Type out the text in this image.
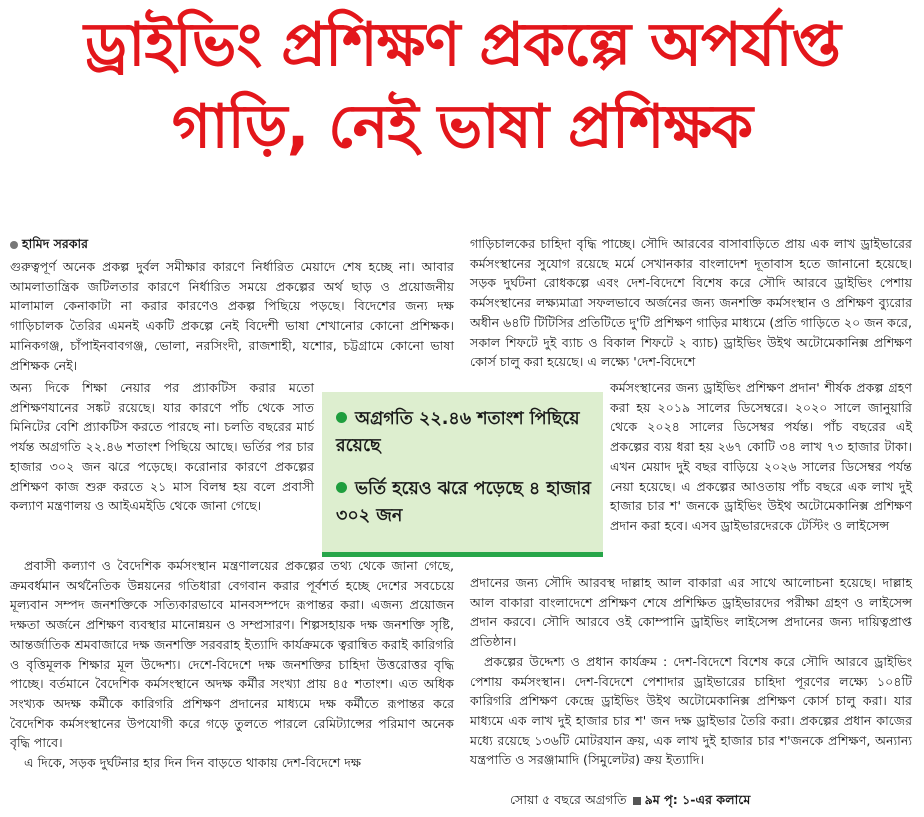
ড্রাইভিং প্রশিক্ষণ প্রকল্পে অপর্যাপ্ত
গাড়ি, নেই ভাষা প্রশিক্ষক
হামিদ সরকার

গুরুত্বপূর্ণ অনেক প্রকল্প দুর্বল সমীক্ষার কারণে নির্ধারিত মেয়াদে শেষ হচ্ছে না। আবার আমলাতান্ত্রিক জটিলতার কারণে নির্ধারিত সময়ে প্রকল্পের অর্থ ছাড় ও প্রয়োজনীয় মালামাল কেনাকাটা না করার কারণেও প্রকল্প পিছিয়ে পড়ছে। বিদেশের জন্য দক্ষ গাড়িচালক তৈরির এমনই একটি প্রকল্পে নেই বিদেশী ভাষা শেখানোর কোনো প্রশিক্ষক। মানিকগঞ্জ, চাঁপাইনবাবগঞ্জ, ভোলা, নরসিংদী, রাজশাহী, যশোর, চট্টগ্রামে কোনো ভাষা প্রশিক্ষক নেই।

অন্য দিকে শিক্ষা নেয়ার পর প্র্যাকটিস করার মতো প্রশিক্ষণযানের সঙ্কট রয়েছে। যার কারণে পাঁচ থেকে সাত মিনিটের বেশি প্র্যাকটিস করতে পারছে না। চলতি বছরের মার্চ পর্যন্ত অগ্রগতি ২২.৪৬ শতাংশ পিছিয়ে আছে। ভর্তির পর চার হাজার ৩০২ জন ঝরে পড়েছে। করোনার কারণে প্রকল্পের প্রশিক্ষণ কাজ শুরু করতে ২১ মাস বিলম্ব হয় বলে প্রবাসী কল্যাণ মন্ত্রণালয় ও আইএমইডি থেকে জানা গেছে।

প্রবাসী কল্যাণ ও বৈদেশিক কর্মসংস্থান মন্ত্রণালয়ের প্রকল্পের তথ্য থেকে জানা গেছে, ক্রমবর্ধমান অর্থনৈতিক উন্নয়নের গতিধারা বেগবান করার পূর্বশর্ত হচ্ছে দেশের সবচেয়ে মূল্যবান সম্পদ জনশক্তিকে সত্যিকারভাবে মানবসম্পদে রূপান্তর করা। এজন্য প্রয়োজন দক্ষতা অর্জনে প্রশিক্ষণ ব্যবস্থার মানোন্নয়ন ও সম্প্রসারণ। শিল্পসহায়ক দক্ষ জনশক্তি সৃষ্টি, আন্তর্জাতিক শ্রমবাজারে দক্ষ জনশক্তি সরবরাহ ইত্যাদি কার্যক্রমকে ত্বরান্বিত করাই কারিগরি ও বৃত্তিমূলক শিক্ষার মূল উদ্দেশ্য। দেশে-বিদেশে দক্ষ জনশক্তির চাহিদা উত্তরোত্তর বৃদ্ধি পাচ্ছে। বর্তমানে বৈদেশিক কর্মসংস্থানে অদক্ষ কর্মীর সংখ্যা প্রায় ৪৫ শতাংশ। এত অধিক সংখ্যক অদক্ষ কর্মীকে কারিগরি প্রশিক্ষণ প্রদানের মাধ্যমে দক্ষ কর্মীতে রূপান্তর করে বৈদেশিক কর্মসংস্থানের উপযোগী করে গড়ে তুলতে পারলে রেমিট্যান্সের পরিমাণ অনেক বৃদ্ধি পাবে।

এ দিকে, সড়ক দুর্ঘটনার হার দিন দিন বাড়তে থাকায় দেশ-বিদেশে দক্ষ

গাড়িচালকের চাহিদা বৃদ্ধি পাচ্ছে। সৌদি আরবের বাসাবাড়িতে প্রায় এক লাখ ড্রাইভারের কর্মসংস্থানের সুযোগ রয়েছে মর্মে সেখানকার বাংলাদেশ দূতাবাস হতে জানানো হয়েছে। সড়ক দুর্ঘটনা রোধকল্পে এবং দেশ-বিদেশে বিশেষ করে সৌদি আরবে ড্রাইভিং পেশায় কর্মসংস্থানের লক্ষ্যমাত্রা সফলভাবে অর্জনের জন্য জনশক্তি কর্মসংস্থান ও প্রশিক্ষণ ব্যুরোর অধীন ৬৪টি টিটিসির প্রতিটিতে দু'টি প্রশিক্ষণ গাড়ির মাধ্যমে (প্রতি গাড়িতে ২০ জন করে, সকাল শিফটে দুই ব্যাচ ও বিকাল শিফটে ২ ব্যাচ) ড্রাইভিং উইথ অটোমেকানিক্স প্রশিক্ষণ কোর্স চালু করা হয়েছে। এ লক্ষ্যে 'দেশ-বিদেশে

কর্মসংস্থানের জন্য ড্রাইভিং প্রশিক্ষণ প্রদান' শীর্ষক প্রকল্প গ্রহণ করা হয় ২০১৯ সালের ডিসেম্বরে। ২০২০ সালে জানুয়ারি থেকে ২০২৪ সালের ডিসেম্বর পর্যন্ত। পাঁচ বছরের এই প্রকল্পের ব্যয় ধরা হয় ২৬৭ কোটি ৩৪ লাখ ৭৩ হাজার টাকা। এখন মেয়াদ দুই বছর বাড়িয়ে ২০২৬ সালের ডিসেম্বর পর্যন্ত নেয়া হয়েছে। এ প্রকল্পের আওতায় পাঁচ বছরে এক লাখ দুই হাজার চার শ' জনকে ড্রাইভিং উইথ অটোমেকানিক্স প্রশিক্ষণ প্রদান করা হবে। এসব ড্রাইভারদেরকে টেস্টিং ও লাইসেন্স

প্রদানের জন্য সৌদি আরবস্থ দাল্লাহ আল বাকারা এর সাথে আলোচনা হয়েছে। দাল্লাহ আল বাকারা বাংলাদেশে প্রশিক্ষণ শেষে প্রশিক্ষিত ড্রাইভারদের পরীক্ষা গ্রহণ ও লাইসেন্স প্রদান করবে। সৌদি আরবে ওই কোম্পানি ড্রাইভিং লাইসেন্স প্রদানের জন্য দায়িত্বপ্রাপ্ত প্রতিষ্ঠান।

প্রকল্পের উদ্দেশ্য ও প্রধান কার্যক্রম : দেশ-বিদেশে বিশেষ করে সৌদি আরবে ড্রাইভিং পেশায় কর্মসংস্থান। দেশ-বিদেশে পেশাদার ড্রাইভারের চাহিদা পূরণের লক্ষ্যে ১০৪টি কারিগরি প্রশিক্ষণ কেন্দ্রে ড্রাইভিং উইথ অটোমেকানিক্স প্রশিক্ষণ কোর্স চালু করা। যার মাধ্যমে এক লাখ দুই হাজার চার শ' জন দক্ষ ড্রাইভার তৈরি করা। প্রকল্পের প্রধান কাজের মধ্যে রয়েছে ১৩৬টি মোটরযান ক্রয়, এক লাখ দুই হাজার চার শ'জনকে প্রশিক্ষণ, অন্যান্য যন্ত্রপাতি ও সরঞ্জামাদি (সিমুলেটর) ক্রয় ইত্যাদি।

অগ্রগতি ২২.৪৬ শতাংশ পিছিয়ে রয়েছে
ভর্তি হয়েও ঝরে পড়েছে ৪ হাজার ৩০২ জন
সোয়া ৫ বছরে অগ্রগতি ৯ম পৃ: ১-এর কলামে
